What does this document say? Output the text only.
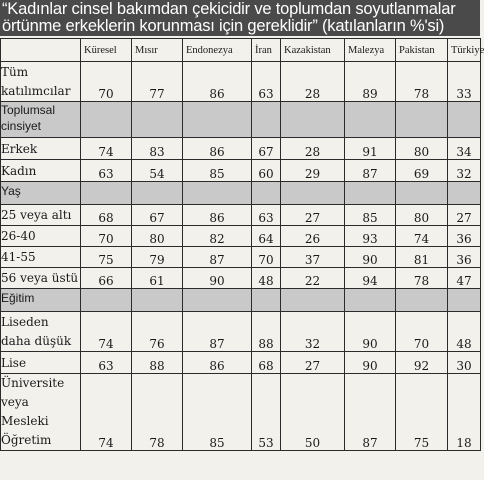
“Kadınlar cinsel bakımdan çekicidir ve toplumdan soyutlanmalar
örtünme erkeklerin korunması için gereklidir” (katılanların %'si)
	Küresel	Mısır	Endonezya	İran	Kazakistan	Malezya	Pakistan	Türkiye

Tüm
katılımcılar	70	77	86	63	28	89	78	33
Toplumsal cinsiyet								

Erkek	74	83	86	67	28	91	80	34

Kadın	63	54	85	60	29	87	69	32
Yaş								

25 veya altı	68	67	86	63	27	85	80	27

26-40	70	80	82	64	26	93	74	36

41-55	75	79	87	70	37	90	81	36

56 veya üstü	66	61	90	48	22	94	78	47
Eğitim								

Liseden
daha düşük	74	76	87	88	32	90	70	48

Lise	63	88	86	68	27	90	92	30

Üniversite
veya
Mesleki
Öğretim	74	78	85	53	50	87	75	18
